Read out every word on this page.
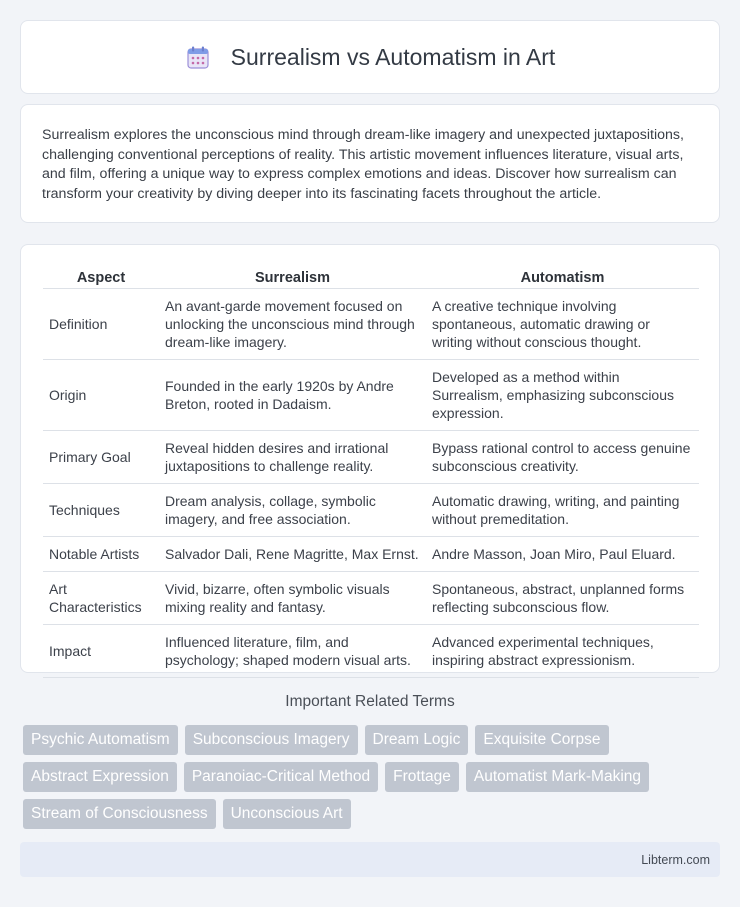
Surrealism vs Automatism in Art

Surrealism explores the unconscious mind through dream-like imagery and unexpected juxtapositions, challenging conventional perceptions of reality. This artistic movement influences literature, visual arts, and film, offering a unique way to express complex emotions and ideas. Discover how surrealism can transform your creativity by diving deeper into its fascinating facets throughout the article.

Aspect	Surrealism	Automatism
Definition	An avant-garde movement focused on unlocking the unconscious mind through dream-like imagery.	A creative technique involving spontaneous, automatic drawing or writing without conscious thought.
Origin	Founded in the early 1920s by Andre Breton, rooted in Dadaism.	Developed as a method within Surrealism, emphasizing subconscious expression.
Primary Goal	Reveal hidden desires and irrational juxtapositions to challenge reality.	Bypass rational control to access genuine subconscious creativity.
Techniques	Dream analysis, collage, symbolic imagery, and free association.	Automatic drawing, writing, and painting without premeditation.
Notable Artists	Salvador Dali, Rene Magritte, Max Ernst.	Andre Masson, Joan Miro, Paul Eluard.
Art Characteristics	Vivid, bizarre, often symbolic visuals mixing reality and fantasy.	Spontaneous, abstract, unplanned forms reflecting subconscious flow.
Impact	Influenced literature, film, and psychology; shaped modern visual arts.	Advanced experimental techniques, inspiring abstract expressionism.
Important Related Terms
Psychic Automatism	Subconscious Imagery	Dream Logic	Exquisite Corpse
Abstract Expression	Paranoiac-Critical Method	Frottage	Automatist Mark-Making
Stream of Consciousness	Unconscious Art
Libterm.com
